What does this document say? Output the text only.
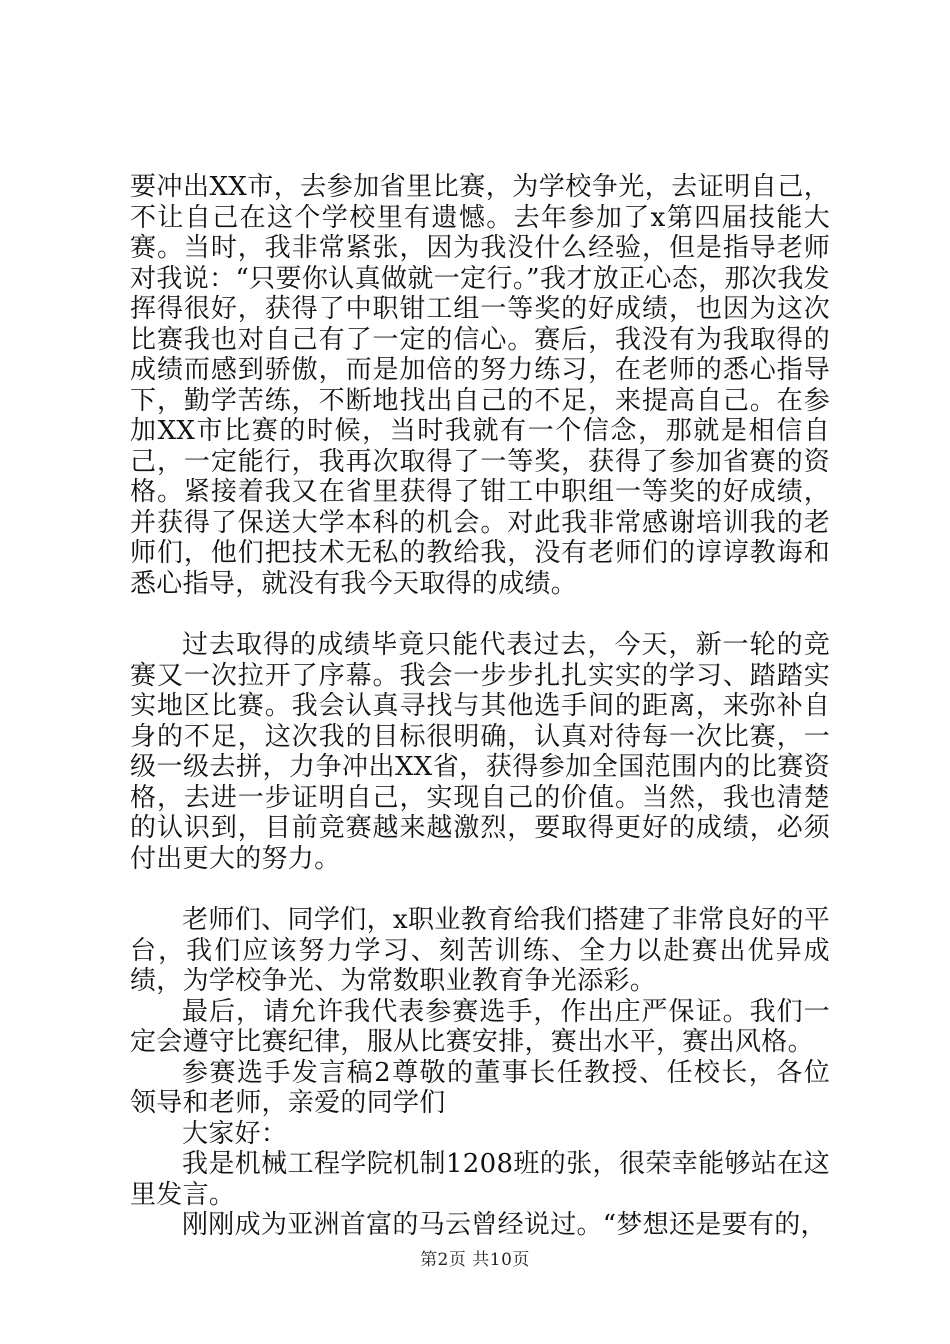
要冲出XX市，去参加省里比赛，为学校争光，去证明自己，不让自己在这个学校里有遗憾。去年参加了x第四届技能大赛。当时，我非常紧张，因为我没什么经验，但是指导老师对我说：“只要你认真做就一定行。”我才放正心态，那次我发挥得很好，获得了中职钳工组一等奖的好成绩，也因为这次比赛我也对自己有了一定的信心。赛后，我没有为我取得的成绩而感到骄傲，而是加倍的努力练习，在老师的悉心指导下，勤学苦练，不断地找出自己的不足，来提高自己。在参加XX市比赛的时候，当时我就有一个信念，那就是相信自己，一定能行，我再次取得了一等奖，获得了参加省赛的资格。紧接着我又在省里获得了钳工中职组一等奖的好成绩，并获得了保送大学本科的机会。对此我非常感谢培训我的老师们，他们把技术无私的教给我，没有老师们的谆谆教诲和悉心指导，就没有我今天取得的成绩。

过去取得的成绩毕竟只能代表过去，今天，新一轮的竞赛又一次拉开了序幕。我会一步步扎扎实实的学习、踏踏实实地区比赛。我会认真寻找与其他选手间的距离，来弥补自身的不足，这次我的目标很明确，认真对待每一次比赛，一级一级去拼，力争冲出XX省，获得参加全国范围内的比赛资格，去进一步证明自己，实现自己的价值。当然，我也清楚的认识到，目前竞赛越来越激烈，要取得更好的成绩，必须付出更大的努力。

老师们、同学们，x职业教育给我们搭建了非常良好的平台，我们应该努力学习、刻苦训练、全力以赴赛出优异成绩，为学校争光、为常数职业教育争光添彩。

最后，请允许我代表参赛选手，作出庄严保证。我们一定会遵守比赛纪律，服从比赛安排，赛出水平，赛出风格。

参赛选手发言稿2尊敬的董事长任教授、任校长，各位领导和老师，亲爱的同学们

大家好：

我是机械工程学院机制1208班的张，很荣幸能够站在这里发言。

刚刚成为亚洲首富的马云曾经说过。“梦想还是要有的，

第2页 共10页
